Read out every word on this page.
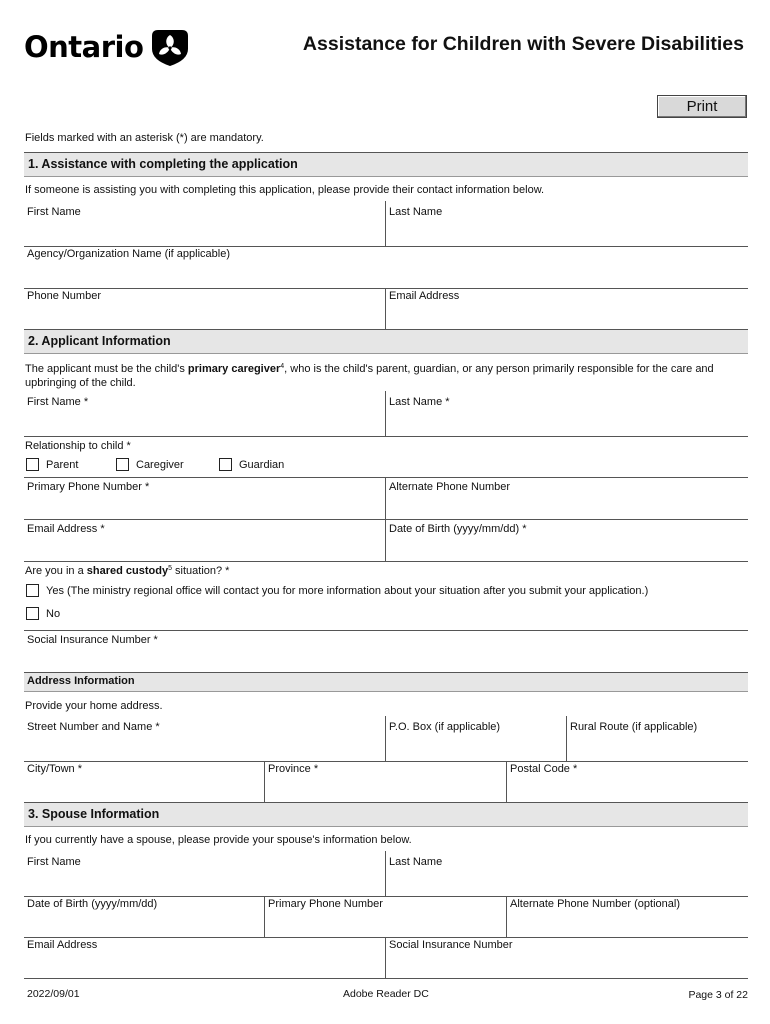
Ontario	Assistance for Children with Severe Disabilities
Print
Fields marked with an asterisk (*) are mandatory.
1. Assistance with completing the application
If someone is assisting you with completing this application, please provide their contact information below.
First Name	Last Name
Agency/Organization Name (if applicable)
Phone Number	Email Address
2. Applicant Information
The applicant must be the child's primary caregiver$^4$, who is the child's parent, guardian, or any person primarily responsible for the care and
upbringing of the child.
First Name *	Last Name *
Relationship to child *
Parent	Caregiver	Guardian
Primary Phone Number *	Alternate Phone Number
Email Address *	Date of Birth (yyyy/mm/dd) *
Are you in a shared custody$^5$ situation? *
Yes (The ministry regional office will contact you for more information about your situation after you submit your application.)
No
Social Insurance Number *
Address Information
Provide your home address.
Street Number and Name *	P.O. Box (if applicable)	Rural Route (if applicable)
City/Town *	Province *	Postal Code *
3. Spouse Information
If you currently have a spouse, please provide your spouse's information below.
First Name	Last Name
Date of Birth (yyyy/mm/dd)	Primary Phone Number	Alternate Phone Number (optional)
Email Address	Social Insurance Number
2022/09/01	Adobe Reader DC	Page 3 of 22
